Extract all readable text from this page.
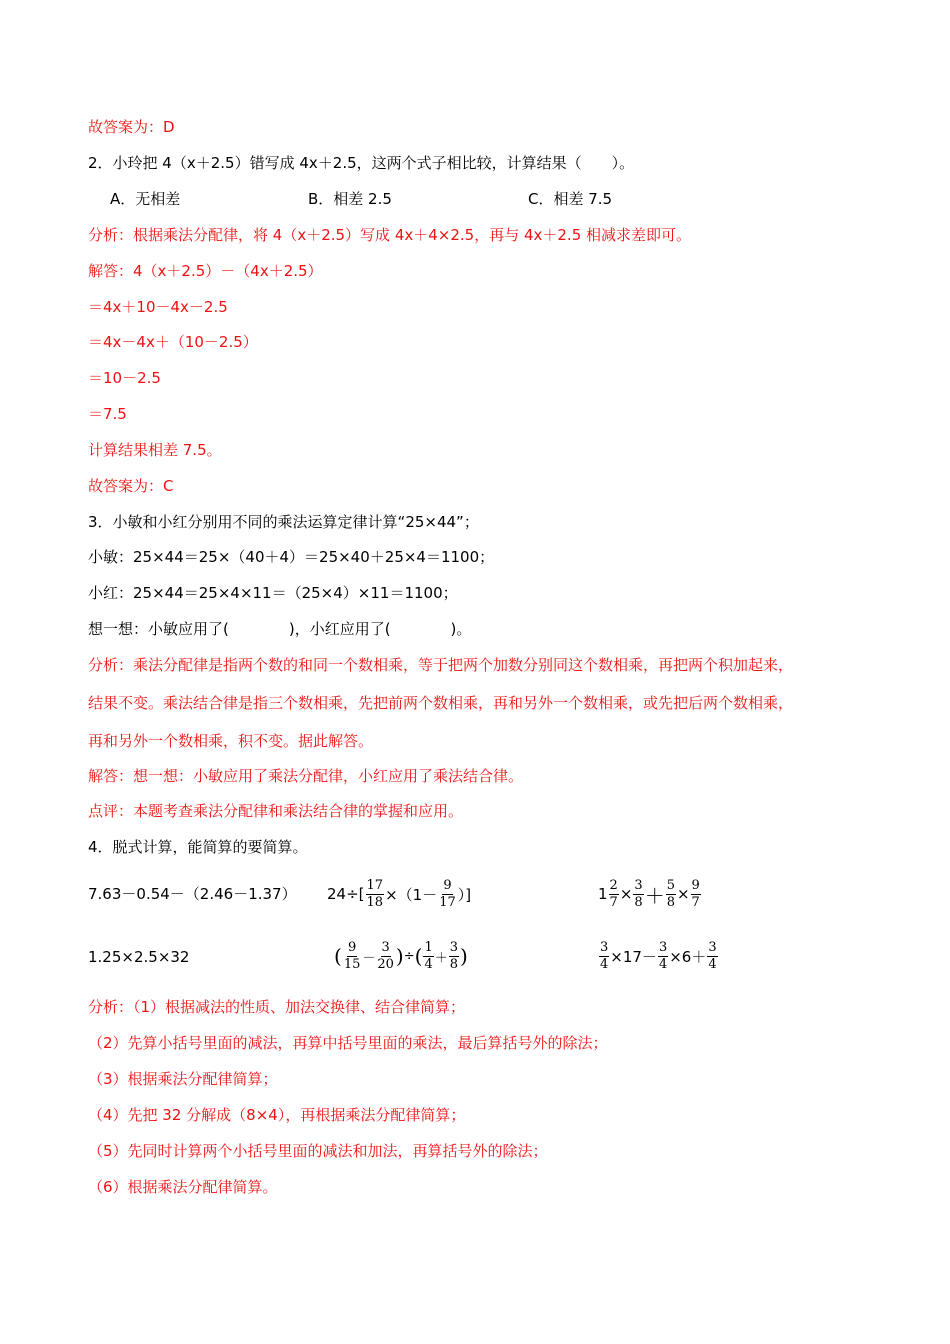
故答案为：D
2．小玲把 4（x＋2.5）错写成 4x＋2.5，这两个式子相比较，计算结果（　　）。
A．无相差	B．相差 2.5	C．相差 7.5
分析：根据乘法分配律，将 4（x＋2.5）写成 4x＋4×2.5，再与 4x＋2.5 相减求差即可。
解答：4（x＋2.5）－（4x＋2.5）
＝4x＋10－4x－2.5
＝4x－4x＋（10－2.5）
＝10－2.5
＝7.5
计算结果相差 7.5。
故答案为：C
3．小敏和小红分别用不同的乘法运算定律计算“25×44”；
小敏：25×44＝25×（40＋4）＝25×40＋25×4＝1100；
小红：25×44＝25×4×11＝（25×4）×11＝1100；
想一想：小敏应用了(　　　　)，小红应用了(　　　　)。
分析：乘法分配律是指两个数的和同一个数相乘，等于把两个加数分别同这个数相乘，再把两个积加起来，
结果不变。乘法结合律是指三个数相乘，先把前两个数相乘，再和另外一个数相乘，或先把后两个数相乘，
再和另外一个数相乘，积不变。据此解答。
解答：想一想：小敏应用了乘法分配律，小红应用了乘法结合律。
点评：本题考查乘法分配律和乘法结合律的掌握和应用。
4．脱式计算，能简算的要简算。
7.63－0.54－（2.46－1.37） $24\div[ \frac{17}{18} \times(1- \frac{9}{17}$ ）]	$1 \frac{2}{7} \times \frac{3}{8} + \frac{5}{8} \times \frac{9}{7}$
1.25×2.5×32	( $\frac{9}{15} - \frac{3}{20}$ ) ÷ ( $\frac{1}{4} + \frac{3}{8}$ )	$\frac{3}{4} \times 17- \frac{3}{4} \times 6+ \frac{3}{4}$
分析：（1）根据减法的性质、加法交换律、结合律简算；
（2）先算小括号里面的减法，再算中括号里面的乘法，最后算括号外的除法；
（3）根据乘法分配律简算；
（4）先把 32 分解成（8×4），再根据乘法分配律简算；
（5）先同时计算两个小括号里面的减法和加法，再算括号外的除法；
（6）根据乘法分配律简算。
